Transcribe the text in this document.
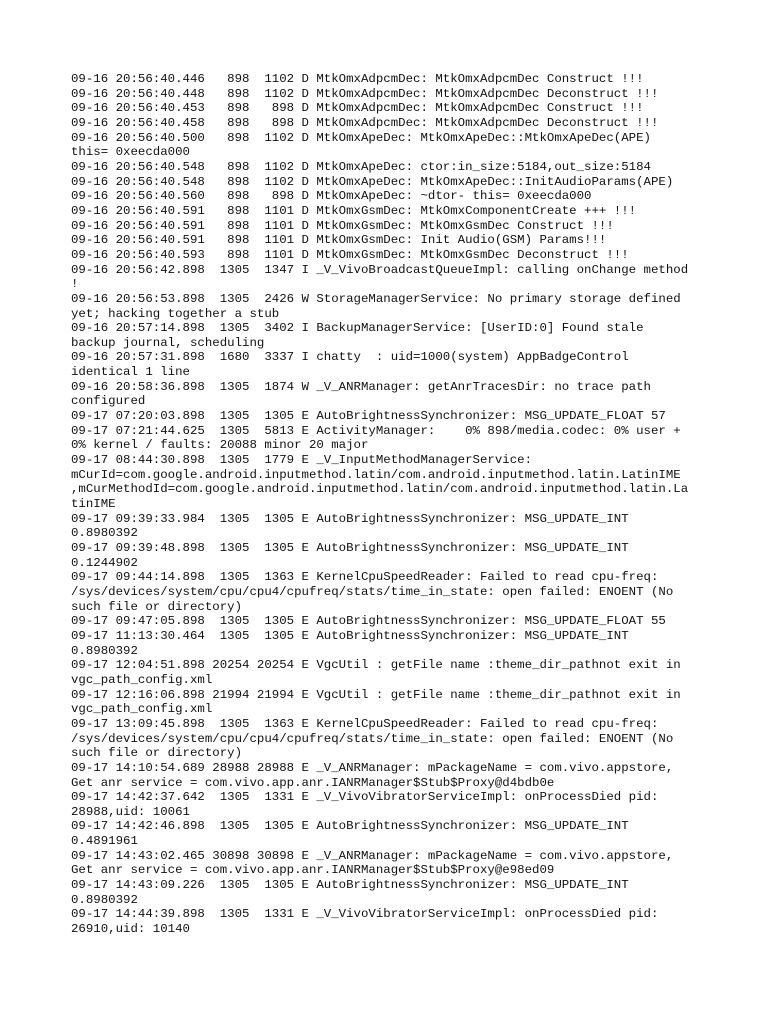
09-16 20:56:40.446   898  1102 D MtkOmxAdpcmDec: MtkOmxAdpcmDec Construct !!!

09-16 20:56:40.448   898  1102 D MtkOmxAdpcmDec: MtkOmxAdpcmDec Deconstruct !!!

09-16 20:56:40.453   898   898 D MtkOmxAdpcmDec: MtkOmxAdpcmDec Construct !!!

09-16 20:56:40.458   898   898 D MtkOmxAdpcmDec: MtkOmxAdpcmDec Deconstruct !!!

09-16 20:56:40.500   898  1102 D MtkOmxApeDec: MtkOmxApeDec::MtkOmxApeDec(APE)
this= 0xeecda000

09-16 20:56:40.548   898  1102 D MtkOmxApeDec: ctor:in_size:5184,out_size:5184

09-16 20:56:40.548   898  1102 D MtkOmxApeDec: MtkOmxApeDec::InitAudioParams(APE)

09-16 20:56:40.560   898   898 D MtkOmxApeDec: ~dtor- this= 0xeecda000

09-16 20:56:40.591   898  1101 D MtkOmxGsmDec: MtkOmxComponentCreate +++ !!!

09-16 20:56:40.591   898  1101 D MtkOmxGsmDec: MtkOmxGsmDec Construct !!!

09-16 20:56:40.591   898  1101 D MtkOmxGsmDec: Init Audio(GSM) Params!!!

09-16 20:56:40.593   898  1101 D MtkOmxGsmDec: MtkOmxGsmDec Deconstruct !!!

09-16 20:56:42.898  1305  1347 I _V_VivoBroadcastQueueImpl: calling onChange method
!

09-16 20:56:53.898  1305  2426 W StorageManagerService: No primary storage defined
yet; hacking together a stub

09-16 20:57:14.898  1305  3402 I BackupManagerService: [UserID:0] Found stale
backup journal, scheduling

09-16 20:57:31.898  1680  3337 I chatty  : uid=1000(system) AppBadgeControl
identical 1 line

09-16 20:58:36.898  1305  1874 W _V_ANRManager: getAnrTracesDir: no trace path
configured

09-17 07:20:03.898  1305  1305 E AutoBrightnessSynchronizer: MSG_UPDATE_FLOAT 57

09-17 07:21:44.625  1305  5813 E ActivityManager:    0% 898/media.codec: 0% user +
0% kernel / faults: 20088 minor 20 major

09-17 08:44:30.898  1305  1779 E _V_InputMethodManagerService:
mCurId=com.google.android.inputmethod.latin/com.android.inputmethod.latin.LatinIME
,mCurMethodId=com.google.android.inputmethod.latin/com.android.inputmethod.latin.La
tinIME

09-17 09:39:33.984  1305  1305 E AutoBrightnessSynchronizer: MSG_UPDATE_INT
0.8980392

09-17 09:39:48.898  1305  1305 E AutoBrightnessSynchronizer: MSG_UPDATE_INT
0.1244902

09-17 09:44:14.898  1305  1363 E KernelCpuSpeedReader: Failed to read cpu-freq:
/sys/devices/system/cpu/cpu4/cpufreq/stats/time_in_state: open failed: ENOENT (No
such file or directory)

09-17 09:47:05.898  1305  1305 E AutoBrightnessSynchronizer: MSG_UPDATE_FLOAT 55

09-17 11:13:30.464  1305  1305 E AutoBrightnessSynchronizer: MSG_UPDATE_INT
0.8980392

09-17 12:04:51.898 20254 20254 E VgcUtil : getFile name :theme_dir_pathnot exit in
vgc_path_config.xml

09-17 12:16:06.898 21994 21994 E VgcUtil : getFile name :theme_dir_pathnot exit in
vgc_path_config.xml

09-17 13:09:45.898  1305  1363 E KernelCpuSpeedReader: Failed to read cpu-freq:
/sys/devices/system/cpu/cpu4/cpufreq/stats/time_in_state: open failed: ENOENT (No
such file or directory)

09-17 14:10:54.689 28988 28988 E _V_ANRManager: mPackageName = com.vivo.appstore,
Get anr service = com.vivo.app.anr.IANRManager$Stub$Proxy@d4bdb0e

09-17 14:42:37.642  1305  1331 E _V_VivoVibratorServiceImpl: onProcessDied pid:
28988,uid: 10061

09-17 14:42:46.898  1305  1305 E AutoBrightnessSynchronizer: MSG_UPDATE_INT
0.4891961

09-17 14:43:02.465 30898 30898 E _V_ANRManager: mPackageName = com.vivo.appstore,
Get anr service = com.vivo.app.anr.IANRManager$Stub$Proxy@e98ed09

09-17 14:43:09.226  1305  1305 E AutoBrightnessSynchronizer: MSG_UPDATE_INT
0.8980392

09-17 14:44:39.898  1305  1331 E _V_VivoVibratorServiceImpl: onProcessDied pid:
26910,uid: 10140
